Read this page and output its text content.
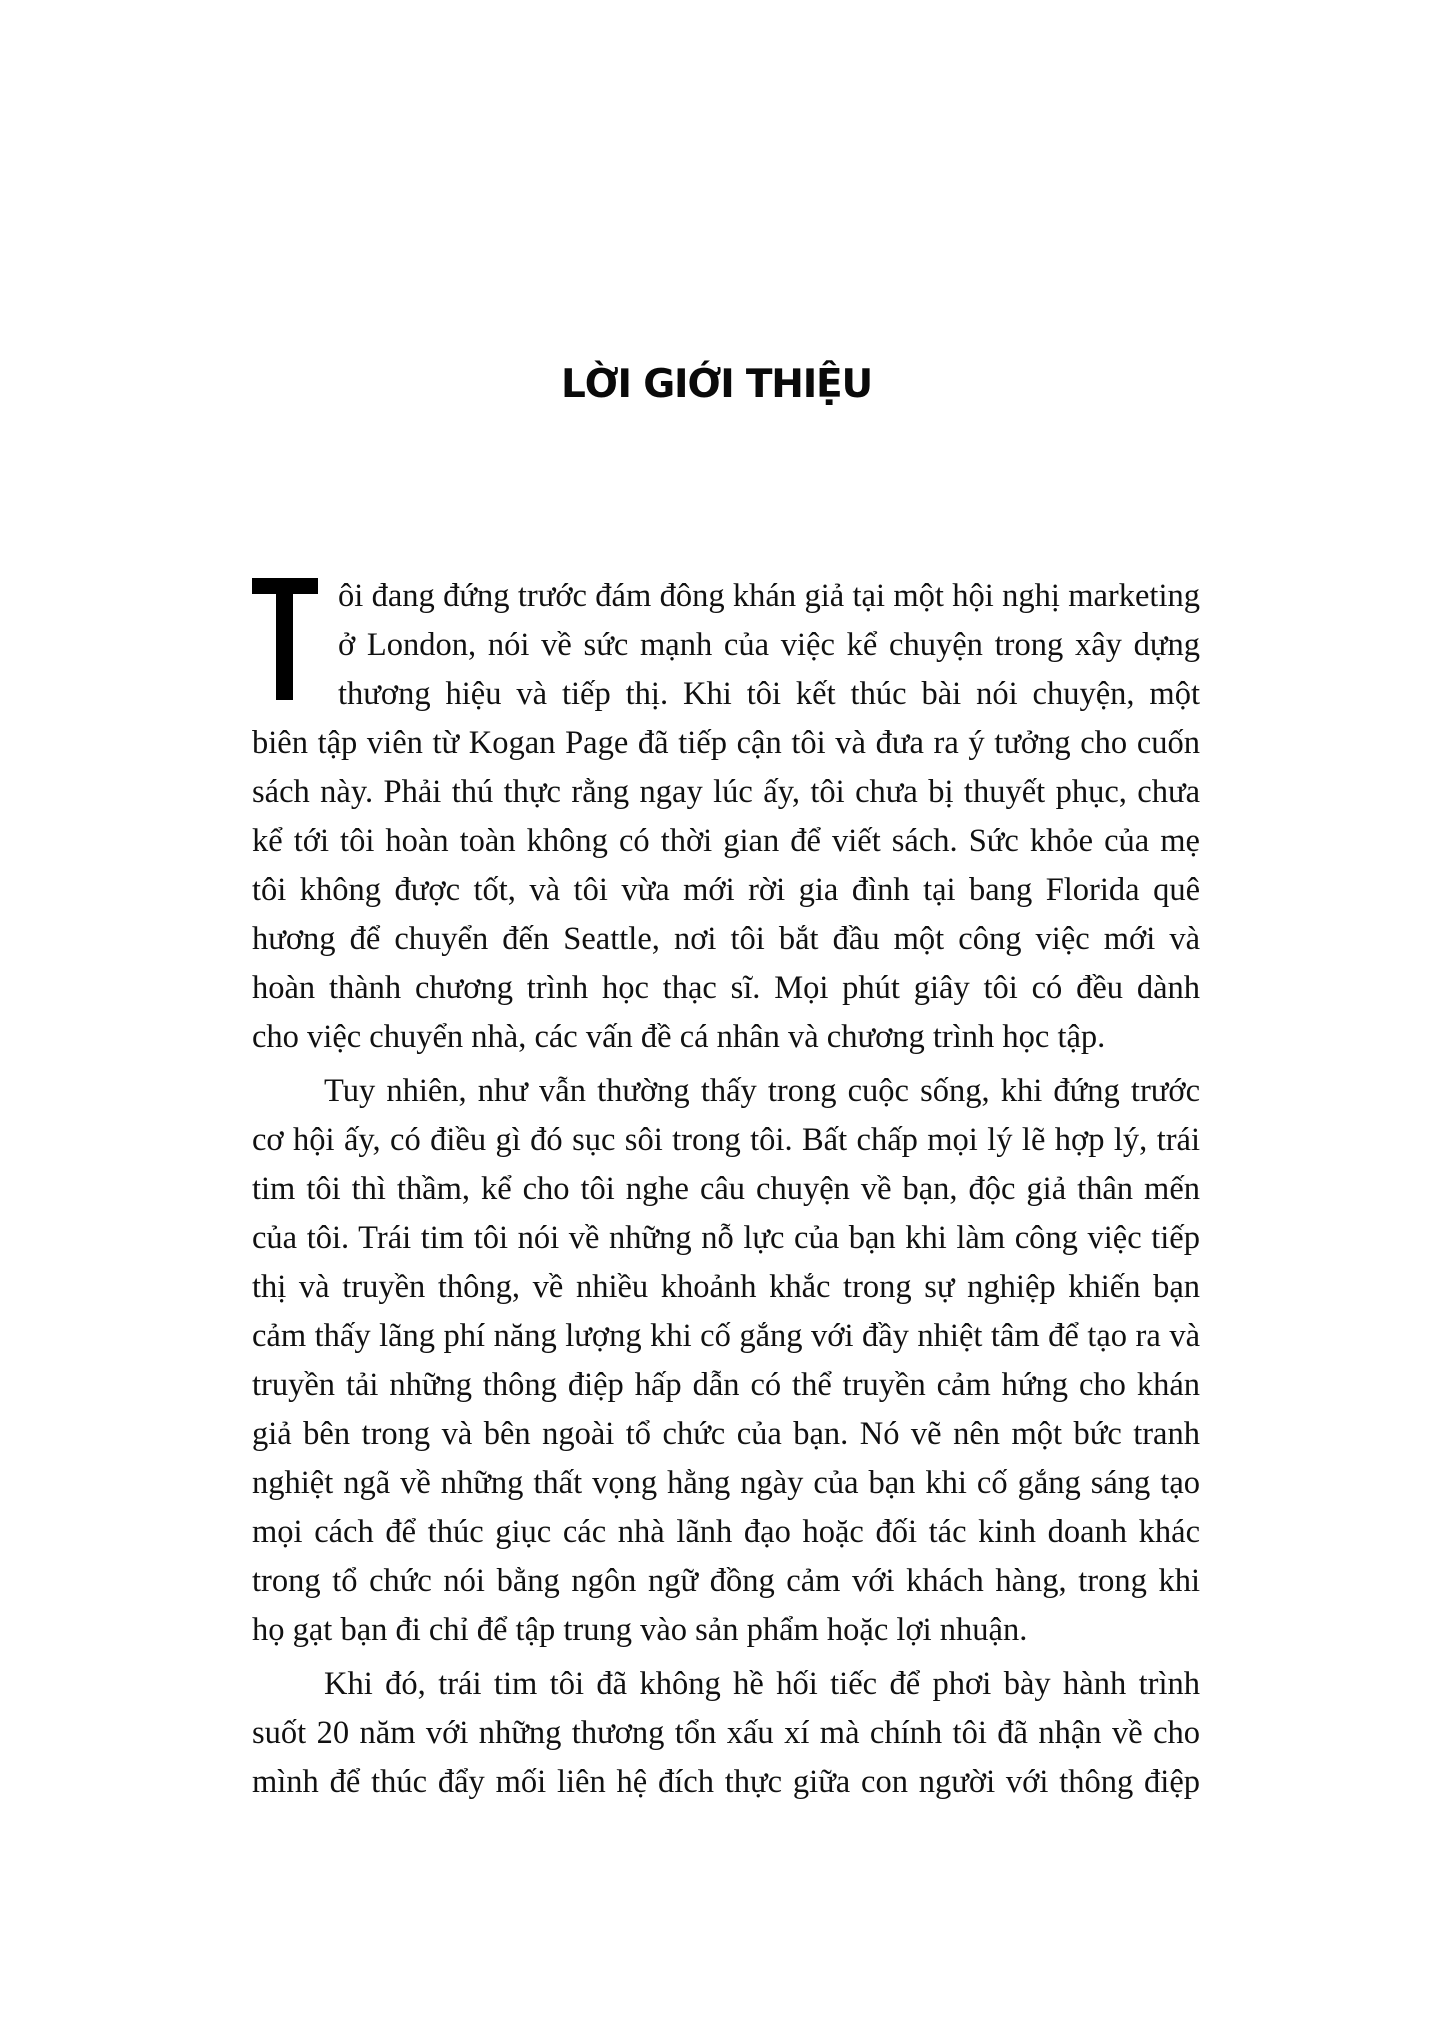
LỜI GIỚI THIỆU
ôi đang đứng trước đám đông khán giả tại một hội nghị marketing
ở London, nói về sức mạnh của việc kể chuyện trong xây dựng
thương hiệu và tiếp thị. Khi tôi kết thúc bài nói chuyện, một
biên tập viên từ Kogan Page đã tiếp cận tôi và đưa ra ý tưởng cho cuốn
sách này. Phải thú thực rằng ngay lúc ấy, tôi chưa bị thuyết phục, chưa
kể tới tôi hoàn toàn không có thời gian để viết sách. Sức khỏe của mẹ
tôi không được tốt, và tôi vừa mới rời gia đình tại bang Florida quê
hương để chuyển đến Seattle, nơi tôi bắt đầu một công việc mới và
hoàn thành chương trình học thạc sĩ. Mọi phút giây tôi có đều dành
cho việc chuyển nhà, các vấn đề cá nhân và chương trình học tập.
Tuy nhiên, như vẫn thường thấy trong cuộc sống, khi đứng trước
cơ hội ấy, có điều gì đó sục sôi trong tôi. Bất chấp mọi lý lẽ hợp lý, trái
tim tôi thì thầm, kể cho tôi nghe câu chuyện về bạn, độc giả thân mến
của tôi. Trái tim tôi nói về những nỗ lực của bạn khi làm công việc tiếp
thị và truyền thông, về nhiều khoảnh khắc trong sự nghiệp khiến bạn
cảm thấy lãng phí năng lượng khi cố gắng với đầy nhiệt tâm để tạo ra và
truyền tải những thông điệp hấp dẫn có thể truyền cảm hứng cho khán
giả bên trong và bên ngoài tổ chức của bạn. Nó vẽ nên một bức tranh
nghiệt ngã về những thất vọng hằng ngày của bạn khi cố gắng sáng tạo
mọi cách để thúc giục các nhà lãnh đạo hoặc đối tác kinh doanh khác
trong tổ chức nói bằng ngôn ngữ đồng cảm với khách hàng, trong khi
họ gạt bạn đi chỉ để tập trung vào sản phẩm hoặc lợi nhuận.
Khi đó, trái tim tôi đã không hề hối tiếc để phơi bày hành trình
suốt 20 năm với những thương tổn xấu xí mà chính tôi đã nhận về cho
mình để thúc đẩy mối liên hệ đích thực giữa con người với thông điệp
